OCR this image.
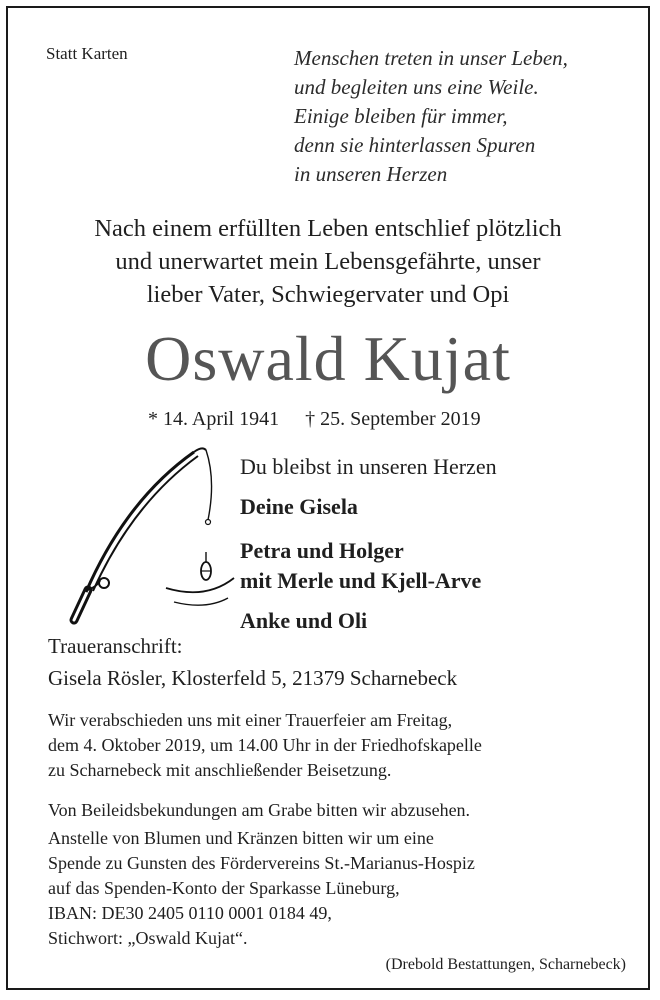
Statt Karten	Menschen treten in unser Leben,
und begleiten uns eine Weile.
Einige bleiben für immer,
denn sie hinterlassen Spuren
in unseren Herzen
Nach einem erfüllten Leben entschlief plötzlich
und unerwartet mein Lebensgefährte, unser
lieber Vater, Schwiegervater und Opi
Oswald Kujat
* 14. April 1941 † 25. September 2019
Du bleibst in unseren Herzen
Deine Gisela
Petra und Holger
mit Merle und Kjell-Arve
Anke und Oli
Traueranschrift:
Gisela Rösler, Klosterfeld 5, 21379 Scharnebeck
Wir verabschieden uns mit einer Trauerfeier am Freitag,
dem 4. Oktober 2019, um 14.00 Uhr in der Friedhofskapelle
zu Scharnebeck mit anschließender Beisetzung.
Von Beileidsbekundungen am Grabe bitten wir abzusehen.
Anstelle von Blumen und Kränzen bitten wir um eine
Spende zu Gunsten des Fördervereins St.-Marianus-Hospiz
auf das Spenden-Konto der Sparkasse Lüneburg,
IBAN: DE30 2405 0110 0001 0184 49,
Stichwort: „Oswald Kujat“.
(Drebold Bestattungen, Scharnebeck)
